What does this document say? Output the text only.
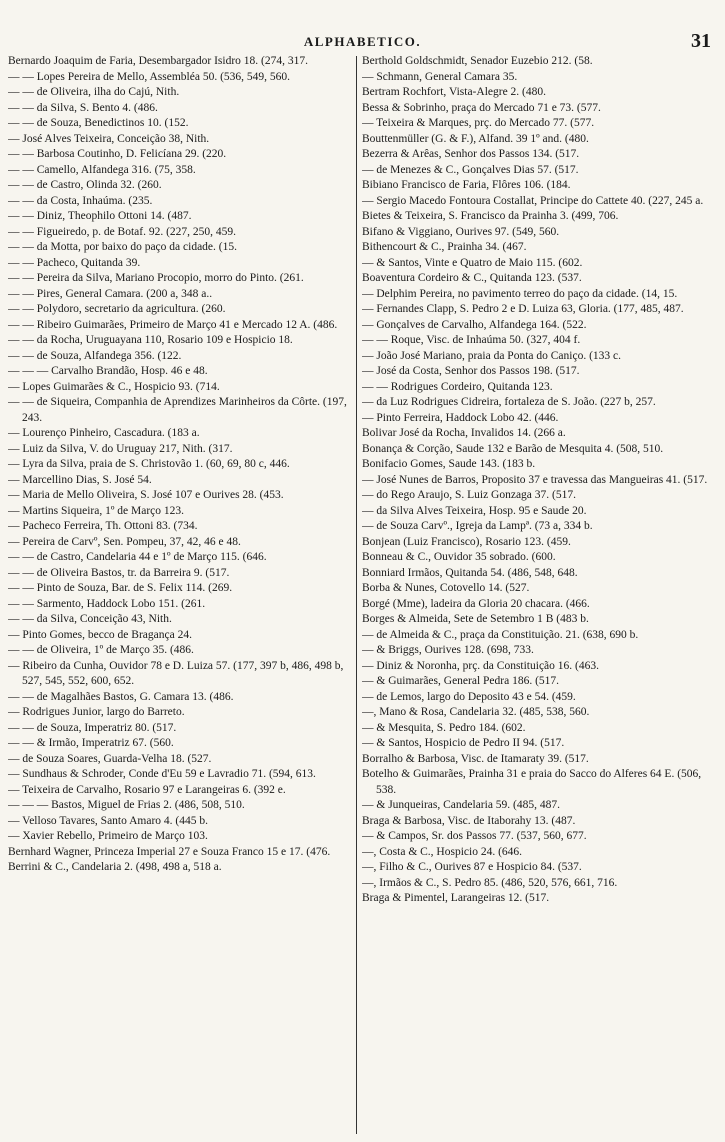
ALPHABETICO.	31
Bernardo Joaquim de Faria, Desembargador Isidro 18. (274, 317.
— — Lopes Pereira de Mello, Assembléa 50. (536, 549, 560.
— — de Oliveira, ilha do Cajú, Nith.
— — da Silva, S. Bento 4. (486.
— — de Souza, Benedictinos 10. (152.
— José Alves Teixeira, Conceição 38, Nith.
— — Barbosa Coutinho, D. Felicíana 29. (220.
— — Camello, Alfandega 316. (75, 358.
— — de Castro, Olinda 32. (260.
— — da Costa, Inhaúma. (235.
— — Diniz, Theophilo Ottoni 14. (487.
— — Figueiredo, p. de Botaf. 92. (227, 250, 459.
— — da Motta, por baixo do paço da cidade. (15.
— — Pacheco, Quitanda 39.
— — Pereira da Silva, Mariano Procopio, morro do Pinto. (261.
— — Pires, General Camara. (200 a, 348 a..
— — Polydoro, secretario da agricultura. (260.
— — Ribeiro Guimarães, Primeiro de Março 41 e Mercado 12 A. (486.
— — da Rocha, Uruguayana 110, Rosario 109 e Hospicio 18.
— — de Souza, Alfandega 356. (122.
— — — Carvalho Brandão, Hosp. 46 e 48.
— Lopes Guimarães & C., Hospicio 93. (714.
— — de Siqueira, Companhia de Aprendizes Marinheiros da Côrte. (197, 243.
— Lourenço Pinheiro, Cascadura. (183 a.
— Luiz da Silva, V. do Uruguay 217, Nith. (317.
— Lyra da Silva, praia de S. Christovão 1. (60, 69, 80 c, 446.
— Marcellino Dias, S. José 54.
— Maria de Mello Oliveira, S. José 107 e Ourives 28. (453.
— Martins Siqueira, 1º de Março 123.
— Pacheco Ferreira, Th. Ottoni 83. (734.
— Pereira de Carvº, Sen. Pompeu, 37, 42, 46 e 48.
— — de Castro, Candelaria 44 e 1º de Março 115. (646.
— — de Oliveira Bastos, tr. da Barreira 9. (517.
— — Pinto de Souza, Bar. de S. Felix 114. (269.
— — Sarmento, Haddock Lobo 151. (261.
— — da Silva, Conceição 43, Nith.
— Pinto Gomes, becco de Bragança 24.
— — de Oliveira, 1º de Março 35. (486.
— Ribeiro da Cunha, Ouvidor 78 e D. Luiza 57. (177, 397 b, 486, 498 b, 527, 545, 552, 600, 652.
— — de Magalhães Bastos, G. Camara 13. (486.
— Rodrigues Junior, largo do Barreto.
— — de Souza, Imperatriz 80. (517.
— — & Irmão, Imperatriz 67. (560.
— de Souza Soares, Guarda-Velha 18. (527.
— Sundhaus & Schroder, Conde d'Eu 59 e Lavradio 71. (594, 613.
— Teixeira de Carvalho, Rosario 97 e Larangeiras 6. (392 e.
— — — Bastos, Miguel de Frias 2. (486, 508, 510.
— Velloso Tavares, Santo Amaro 4. (445 b.
— Xavier Rebello, Primeiro de Março 103.
Bernhard Wagner, Princeza Imperial 27 e Souza Franco 15 e 17. (476.
Berrini & C., Candelaria 2. (498, 498 a, 518 a.
Berthold Goldschmidt, Senador Euzebio 212. (58.
— Schmann, General Camara 35.
Bertram Rochfort, Vista-Alegre 2. (480.
Bessa & Sobrinho, praça do Mercado 71 e 73. (577.
— Teixeira & Marques, prç. do Mercado 77. (577.
Bouttenmüller (G. & F.), Alfand. 39 1º and. (480.
Bezerra & Arêas, Senhor dos Passos 134. (517.
— de Menezes & C., Gonçalves Dias 57. (517.
Bibiano Francisco de Faria, Flôres 106. (184.
— Sergio Macedo Fontoura Costallat, Principe do Cattete 40. (227, 245 a.
Bietes & Teixeira, S. Francisco da Prainha 3. (499, 706.
Bifano & Viggiano, Ourives 97. (549, 560.
Bithencourt & C., Prainha 34. (467.
— & Santos, Vinte e Quatro de Maio 115. (602.
Boaventura Cordeiro & C., Quitanda 123. (537.
— Delphim Pereira, no pavimento terreo do paço da cidade. (14, 15.
— Fernandes Clapp, S. Pedro 2 e D. Luiza 63, Gloria. (177, 485, 487.
— Gonçalves de Carvalho, Alfandega 164. (522.
— — Roque, Visc. de Inhaúma 50. (327, 404 f.
— João José Mariano, praia da Ponta do Caniço. (133 c.
— José da Costa, Senhor dos Passos 198. (517.
— — Rodrigues Cordeiro, Quitanda 123.
— da Luz Rodrigues Cidreira, fortaleza de S. João. (227 b, 257.
— Pinto Ferreira, Haddock Lobo 42. (446.
Bolivar José da Rocha, Invalidos 14. (266 a.
Bonança & Corção, Saude 132 e Barão de Mesquita 4. (508, 510.
Bonifacio Gomes, Saude 143. (183 b.
— José Nunes de Barros, Proposito 37 e travessa das Mangueiras 41. (517.
— do Rego Araujo, S. Luiz Gonzaga 37. (517.
— da Silva Alves Teixeira, Hosp. 95 e Saude 20.
— de Souza Carvº., Igreja da Lampª. (73 a, 334 b.
Bonjean (Luiz Francisco), Rosario 123. (459.
Bonneau & C., Ouvidor 35 sobrado. (600.
Bonniard Irmãos, Quitanda 54. (486, 548, 648.
Borba & Nunes, Cotovello 14. (527.
Borgé (Mme), ladeira da Gloria 20 chacara. (466.
Borges & Almeida, Sete de Setembro 1 B (483 b.
— de Almeida & C., praça da Constituição. 21. (638, 690 b.
— & Briggs, Ourives 128. (698, 733.
— Diniz & Noronha, prç. da Constituição 16. (463.
— & Guimarães, General Pedra 186. (517.
— de Lemos, largo do Deposito 43 e 54. (459.
—, Mano & Rosa, Candelaria 32. (485, 538, 560.
— & Mesquita, S. Pedro 184. (602.
— & Santos, Hospicio de Pedro II 94. (517.
Borralho & Barbosa, Visc. de Itamaraty 39. (517.
Botelho & Guimarães, Prainha 31 e praia do Sacco do Alferes 64 E. (506, 538.
— & Junqueiras, Candelaria 59. (485, 487.
Braga & Barbosa, Visc. de Itaborahy 13. (487.
— & Campos, Sr. dos Passos 77. (537, 560, 677.
—, Costa & C., Hospicio 24. (646.
—, Filho & C., Ourives 87 e Hospicio 84. (537.
—, Irmãos & C., S. Pedro 85. (486, 520, 576, 661, 716.
Braga & Pimentel, Larangeiras 12. (517.
